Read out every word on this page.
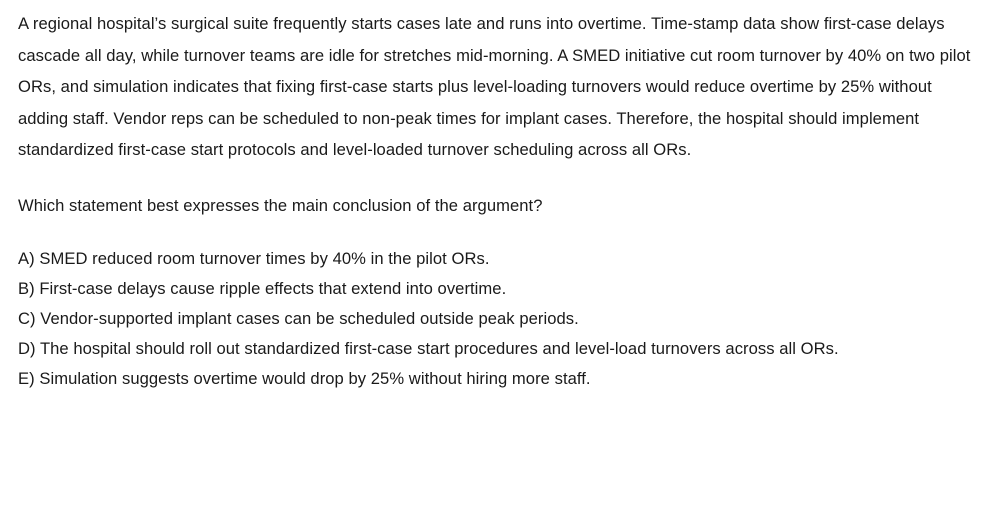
A regional hospital’s surgical suite frequently starts cases late and runs into overtime. Time-stamp data show first-case delays cascade all day, while turnover teams are idle for stretches mid-morning. A SMED initiative cut room turnover by 40% on two pilot ORs, and simulation indicates that fixing first-case starts plus level-loading turnovers would reduce overtime by 25% without adding staff. Vendor reps can be scheduled to non-peak times for implant cases. Therefore, the hospital should implement standardized first-case start protocols and level-loaded turnover scheduling across all ORs.

Which statement best expresses the main conclusion of the argument?

A) SMED reduced room turnover times by 40% in the pilot ORs.
B) First-case delays cause ripple effects that extend into overtime.
C) Vendor-supported implant cases can be scheduled outside peak periods.
D) The hospital should roll out standardized first-case start procedures and level-load turnovers across all ORs.
E) Simulation suggests overtime would drop by 25% without hiring more staff.
